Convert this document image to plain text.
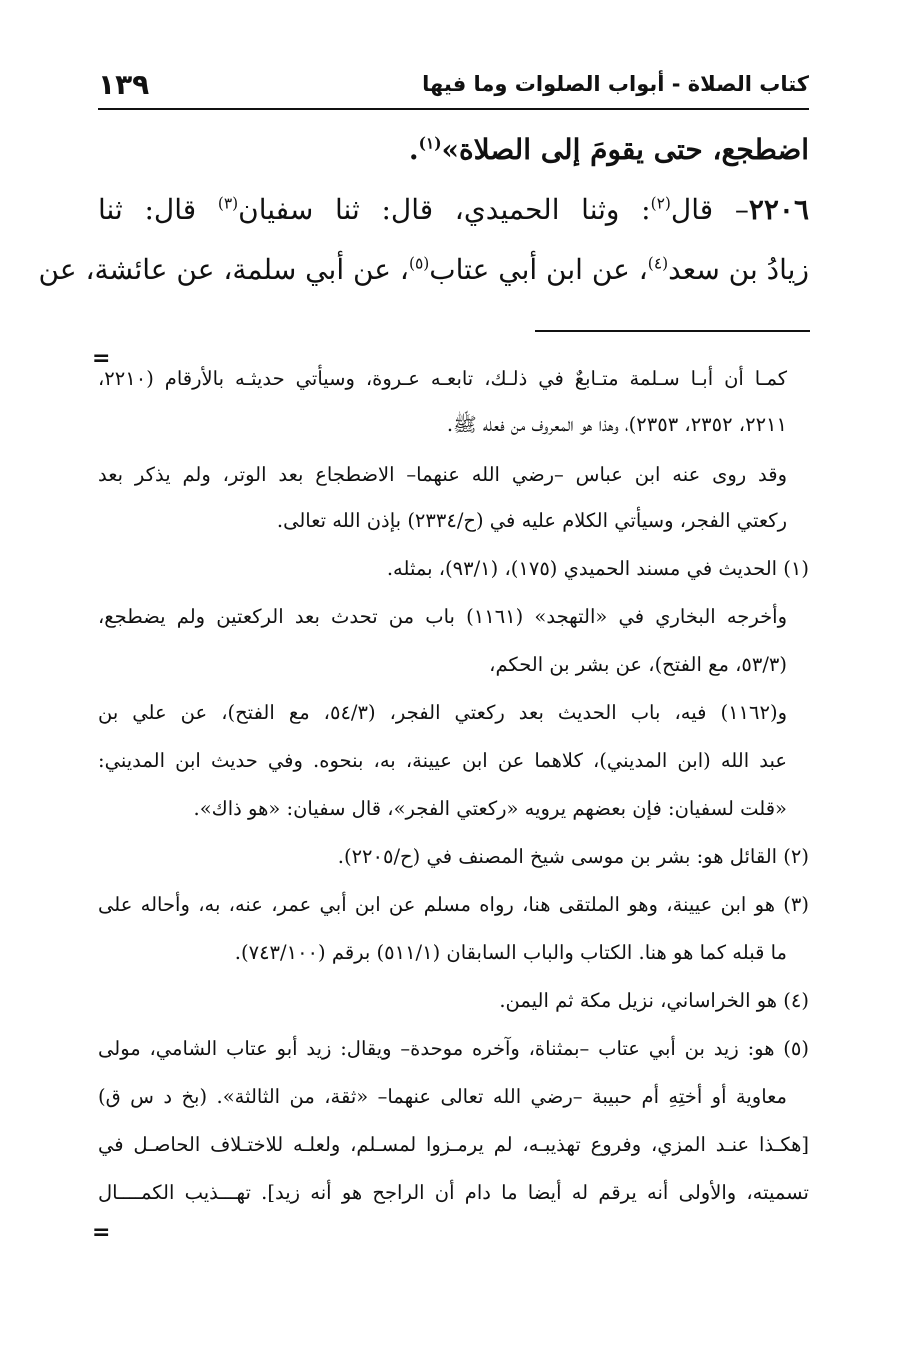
كتاب الصلاة - أبواب الصلوات وما فيها
١٣٩
اضطجع، حتى يقومَ إلى الصلاة»$^{(١)}$.
٢٢٠٦– قال$^{(٢)}$: وثنا الحميدي، قال: ثنا سفيان$^{(٣)}$ قال: ثنا
زيادُ بن سعد$^{(٤)}$، عن ابن أبي عتاب$^{(٥)}$، عن أبي سلمة، عن عائشة، عن
=
كمـا أن أبـا سـلمة متـابعٌ في ذلـك، تابعـه عـروة، وسيأتي حديثـه بالأرقام (٢٢١٠،
٢٢١١، ٢٣٥٢، ٢٣٥٣)، وهذا هو المعروف من فعله ﷺ.
وقد روى عنه ابن عباس –رضي الله عنهما– الاضطجاع بعد الوتر، ولم يذكر بعد
ركعتي الفجر، وسيأتي الكلام عليه في (ح/٢٣٣٤) بإذن الله تعالى.
(١) الحديث في مسند الحميدي (١٧٥)، (٩٣/١)، بمثله.
وأخرجه البخاري في «التهجد» (١١٦١) باب من تحدث بعد الركعتين ولم يضطجع،
(٥٣/٣، مع الفتح)، عن بشر بن الحكم،
و(١١٦٢) فيه، باب الحديث بعد ركعتي الفجر، (٥٤/٣، مع الفتح)، عن علي بن
عبد الله (ابن المديني)، كلاهما عن ابن عيينة، به، بنحوه. وفي حديث ابن المديني:
«قلت لسفيان: فإن بعضهم يرويه «ركعتي الفجر»، قال سفيان: «هو ذاك».
(٢) القائل هو: بشر بن موسى شيخ المصنف في (ح/٢٢٠٥).
(٣) هو ابن عيينة، وهو الملتقى هنا، رواه مسلم عن ابن أبي عمر، عنه، به، وأحاله على
ما قبله كما هو هنا. الكتاب والباب السابقان (٥١١/١) برقم (٧٤٣/١٠٠).
(٤) هو الخراساني، نزيل مكة ثم اليمن.
(٥) هو: زيد بن أبي عتاب –بمثناة، وآخره موحدة– ويقال: زيد أبو عتاب الشامي، مولى
معاوية أو أختِهِ أم حبيبة –رضي الله تعالى عنهما– «ثقة، من الثالثة». (بخ د س ق)
[هكـذا عنـد المزي، وفروع تهذيبـه، لم يرمـزوا لمسـلم، ولعلـه للاختـلاف الحاصـل في
تسميته، والأولى أنه يرقم له أيضا ما دام أن الراجح هو أنه زيد]. تهـــذيب الكمــــال
=
